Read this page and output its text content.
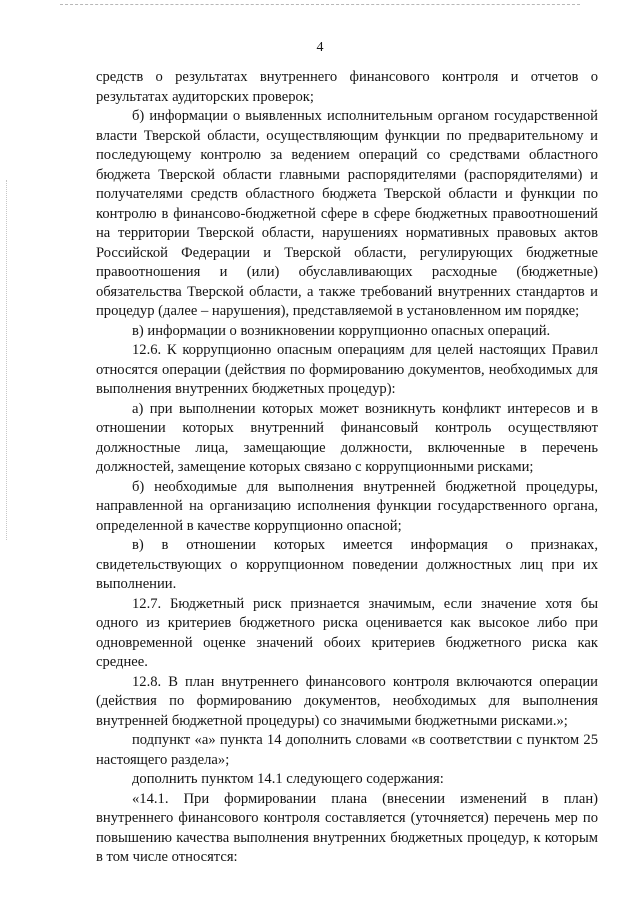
4

средств о результатах внутреннего финансового контроля и отчетов о результатах аудиторских проверок;

б) информации о выявленных исполнительным органом государственной власти Тверской области, осуществляющим функции по предварительному и последующему контролю за ведением операций со средствами областного бюджета Тверской области главными распорядителями (распорядителями) и получателями средств областного бюджета Тверской области и функции по контролю в финансово-бюджетной сфере в сфере бюджетных правоотношений на территории Тверской области, нарушениях нормативных правовых актов Российской Федерации и Тверской области, регулирующих бюджетные правоотношения и (или) обуславливающих расходные (бюджетные) обязательства Тверской области, а также требований внутренних стандартов и процедур (далее – нарушения), представляемой в установленном им порядке;

в) информации о возникновении коррупционно опасных операций.

12.6. К коррупционно опасным операциям для целей настоящих Правил относятся операции (действия по формированию документов, необходимых для выполнения внутренних бюджетных процедур):

а) при выполнении которых может возникнуть конфликт интересов и в отношении которых внутренний финансовый контроль осуществляют должностные лица, замещающие должности, включенные в перечень должностей, замещение которых связано с коррупционными рисками;

б) необходимые для выполнения внутренней бюджетной процедуры, направленной на организацию исполнения функции государственного органа, определенной в качестве коррупционно опасной;

в) в отношении которых имеется информация о признаках, свидетельствующих о коррупционном поведении должностных лиц при их выполнении.

12.7. Бюджетный риск признается значимым, если значение хотя бы одного из критериев бюджетного риска оценивается как высокое либо при одновременной оценке значений обоих критериев бюджетного риска как среднее.

12.8. В план внутреннего финансового контроля включаются операции (действия по формированию документов, необходимых для выполнения внутренней бюджетной процедуры) со значимыми бюджетными рисками.»;

подпункт «а» пункта 14 дополнить словами «в соответствии с пунктом 25 настоящего раздела»;

дополнить пунктом 14.1 следующего содержания:

«14.1. При формировании плана (внесении изменений в план) внутреннего финансового контроля составляется (уточняется) перечень мер по повышению качества выполнения внутренних бюджетных процедур, к которым в том числе относятся:
